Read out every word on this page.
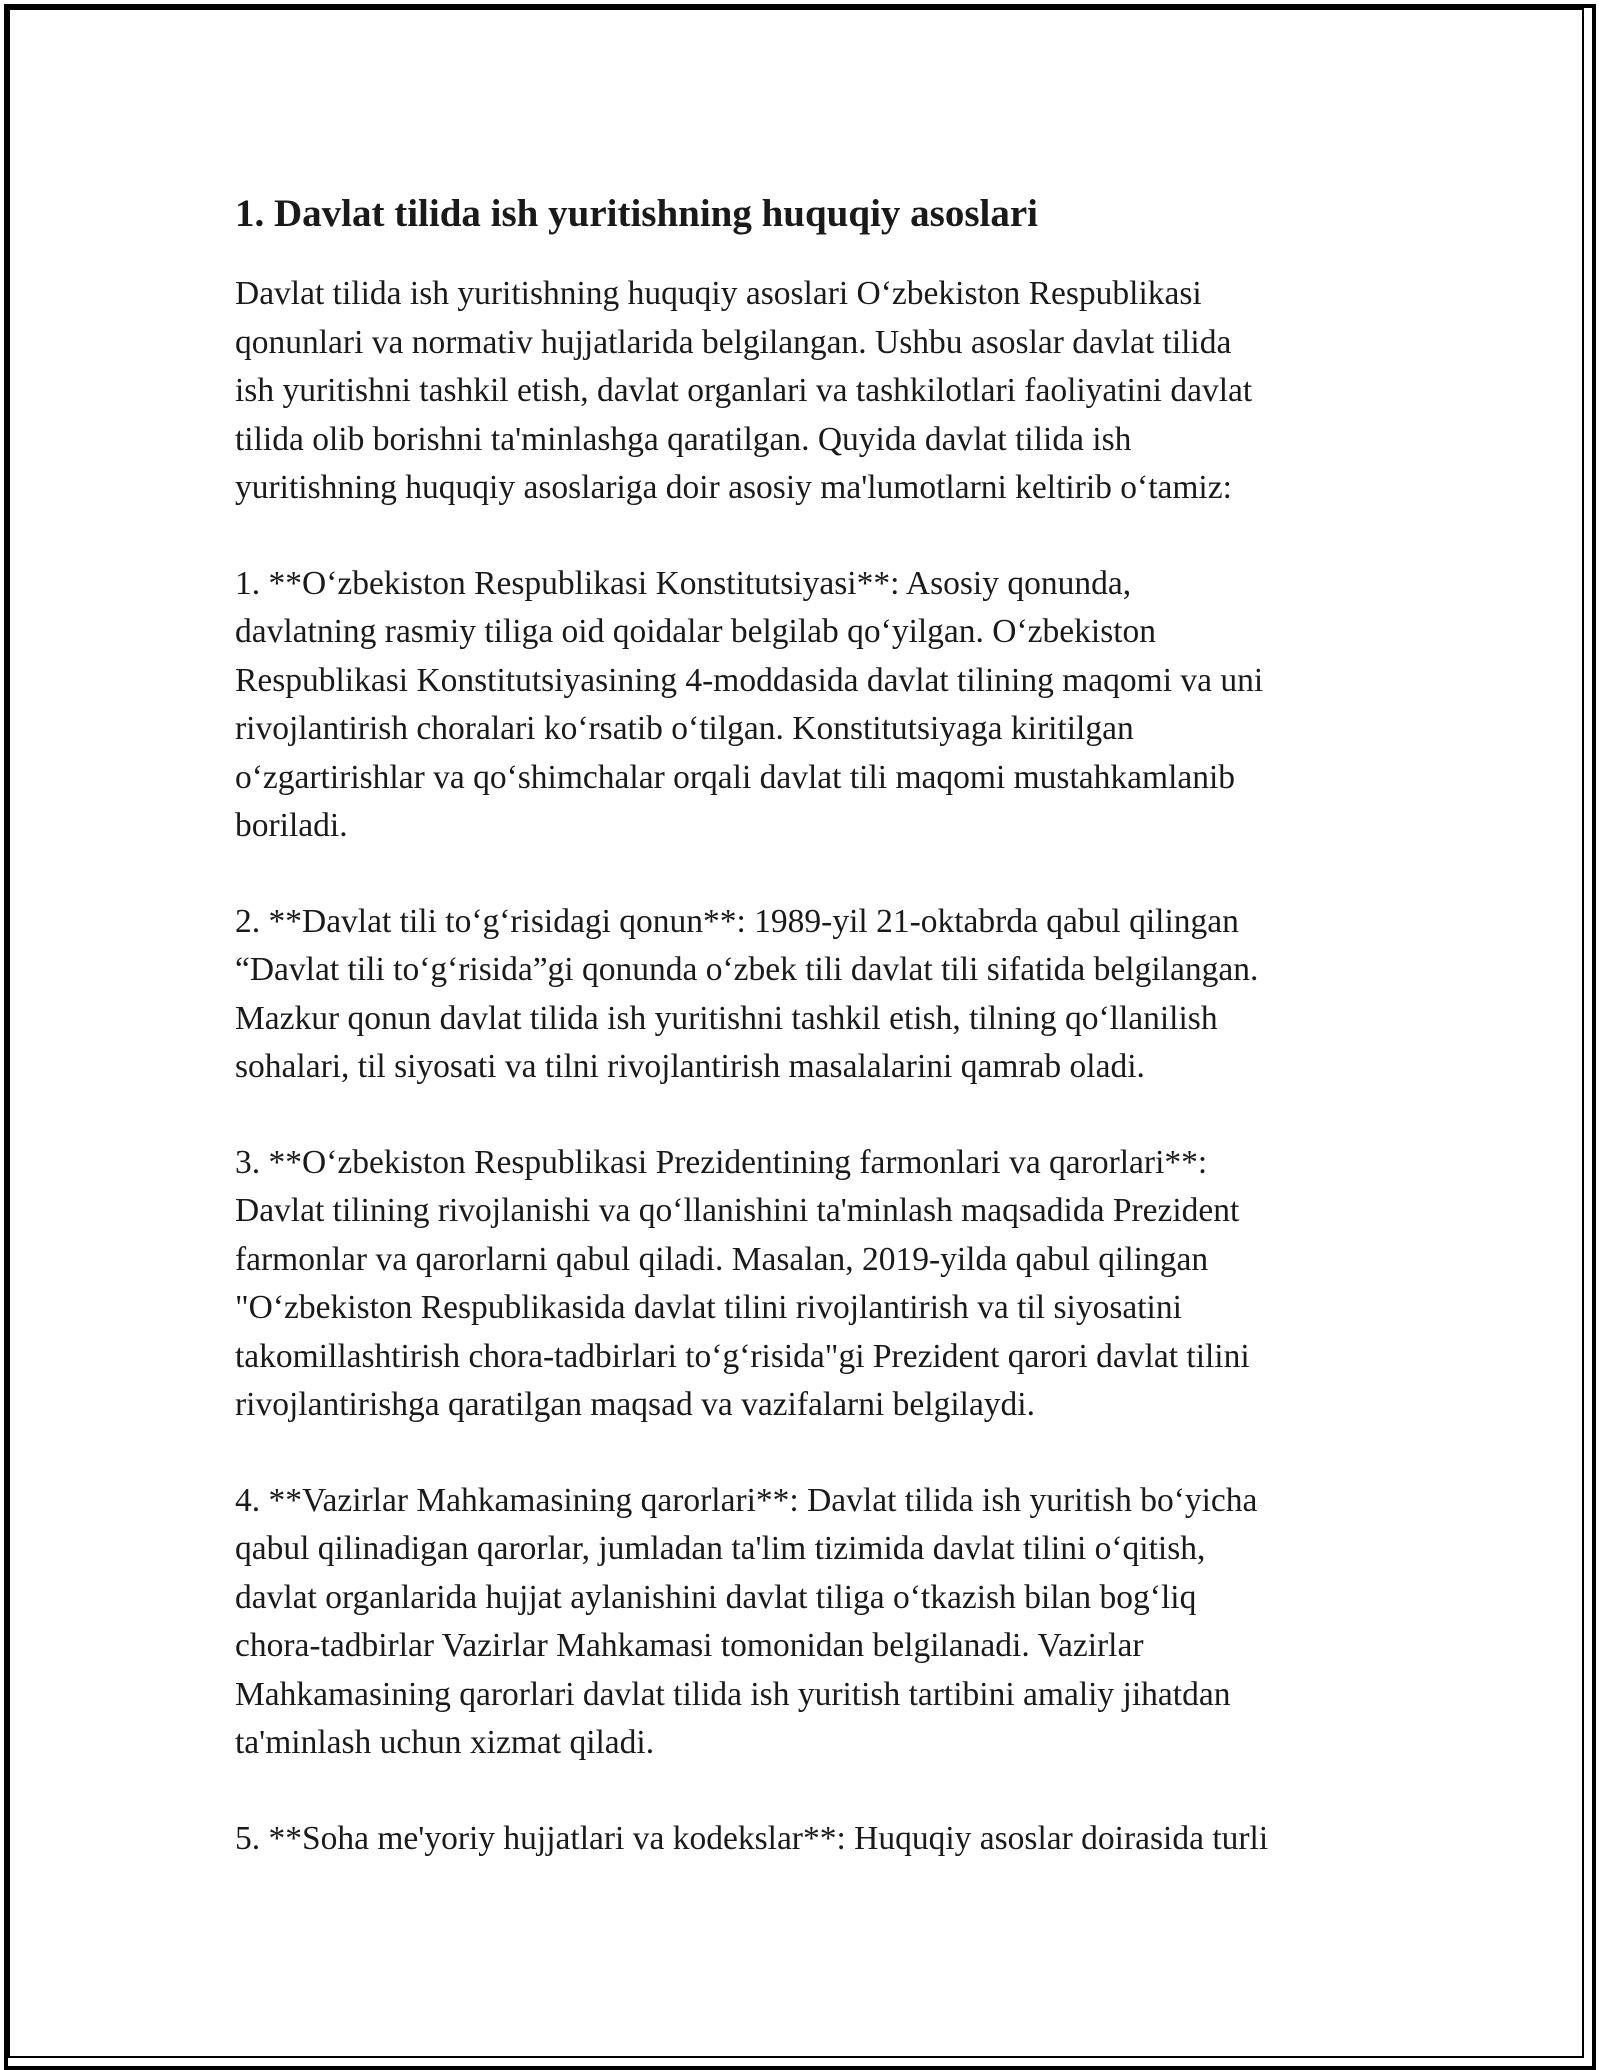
1. Davlat tilida ish yuritishning huquqiy asoslari
Davlat tilida ish yuritishning huquqiy asoslari O‘zbekiston Respublikasi
qonunlari va normativ hujjatlarida belgilangan. Ushbu asoslar davlat tilida
ish yuritishni tashkil etish, davlat organlari va tashkilotlari faoliyatini davlat
tilida olib borishni ta'minlashga qaratilgan. Quyida davlat tilida ish
yuritishning huquqiy asoslariga doir asosiy ma'lumotlarni keltirib o‘tamiz:
1. **O‘zbekiston Respublikasi Konstitutsiyasi**: Asosiy qonunda,
davlatning rasmiy tiliga oid qoidalar belgilab qo‘yilgan. O‘zbekiston
Respublikasi Konstitutsiyasining 4-moddasida davlat tilining maqomi va uni
rivojlantirish choralari ko‘rsatib o‘tilgan. Konstitutsiyaga kiritilgan
o‘zgartirishlar va qo‘shimchalar orqali davlat tili maqomi mustahkamlanib
boriladi.
2. **Davlat tili to‘g‘risidagi qonun**: 1989-yil 21-oktabrda qabul qilingan
“Davlat tili to‘g‘risida”gi qonunda o‘zbek tili davlat tili sifatida belgilangan.
Mazkur qonun davlat tilida ish yuritishni tashkil etish, tilning qo‘llanilish
sohalari, til siyosati va tilni rivojlantirish masalalarini qamrab oladi.
3. **O‘zbekiston Respublikasi Prezidentining farmonlari va qarorlari**:
Davlat tilining rivojlanishi va qo‘llanishini ta'minlash maqsadida Prezident
farmonlar va qarorlarni qabul qiladi. Masalan, 2019-yilda qabul qilingan
"O‘zbekiston Respublikasida davlat tilini rivojlantirish va til siyosatini
takomillashtirish chora-tadbirlari to‘g‘risida"gi Prezident qarori davlat tilini
rivojlantirishga qaratilgan maqsad va vazifalarni belgilaydi.
4. **Vazirlar Mahkamasining qarorlari**: Davlat tilida ish yuritish bo‘yicha
qabul qilinadigan qarorlar, jumladan ta'lim tizimida davlat tilini o‘qitish,
davlat organlarida hujjat aylanishini davlat tiliga o‘tkazish bilan bog‘liq
chora-tadbirlar Vazirlar Mahkamasi tomonidan belgilanadi. Vazirlar
Mahkamasining qarorlari davlat tilida ish yuritish tartibini amaliy jihatdan
ta'minlash uchun xizmat qiladi.
5. **Soha me'yoriy hujjatlari va kodekslar**: Huquqiy asoslar doirasida turli
